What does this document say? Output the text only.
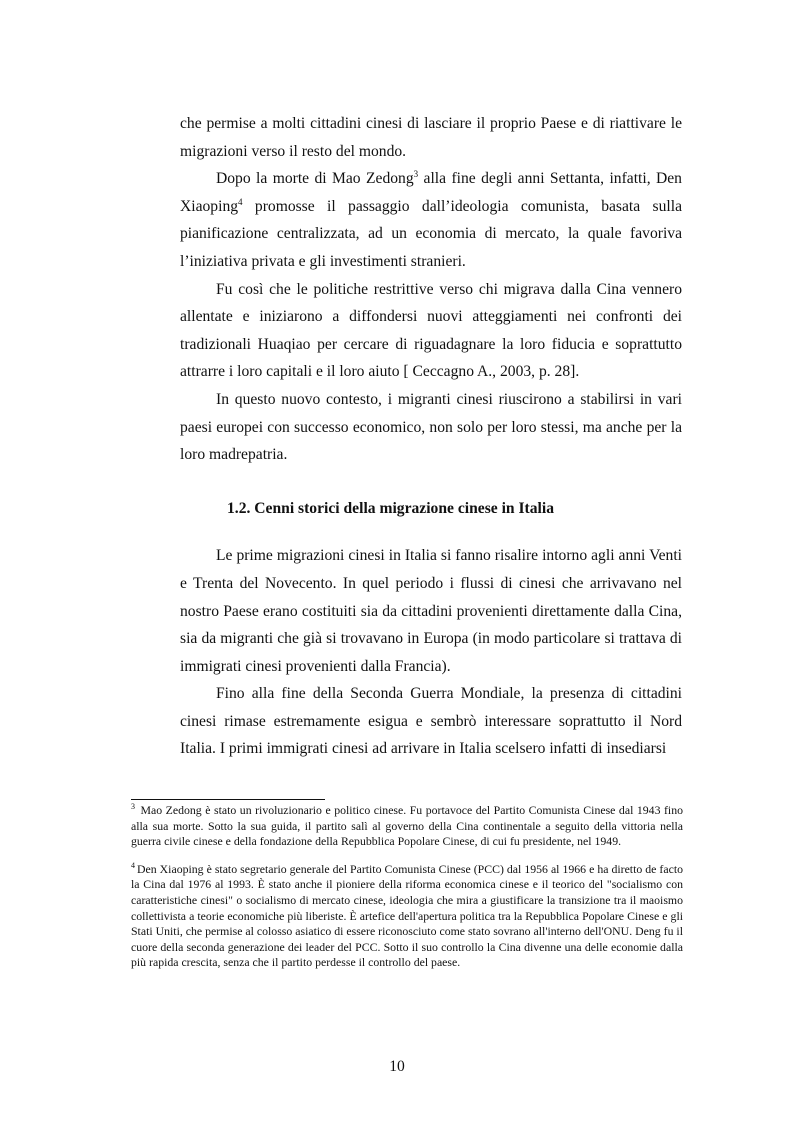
che permise a molti cittadini cinesi di lasciare il proprio Paese e di riattivare le migrazioni verso il resto del mondo.

Dopo la morte di Mao Zedong$^3$ alla fine degli anni Settanta, infatti, Den Xiaoping$^4$ promosse il passaggio dall’ideologia comunista, basata sulla pianificazione centralizzata, ad un economia di mercato, la quale favoriva l’iniziativa privata e gli investimenti stranieri.

Fu così che le politiche restrittive verso chi migrava dalla Cina vennero allentate e iniziarono a diffondersi nuovi atteggiamenti nei confronti dei tradizionali Huaqiao per cercare di riguadagnare la loro fiducia e soprattutto attrarre i loro capitali e il loro aiuto [ Ceccagno A., 2003, p. 28].

In questo nuovo contesto, i migranti cinesi riuscirono a stabilirsi in vari paesi europei con successo economico, non solo per loro stessi, ma anche per la loro madrepatria.

1.2. Cenni storici della migrazione cinese in Italia

Le prime migrazioni cinesi in Italia si fanno risalire intorno agli anni Venti e Trenta del Novecento. In quel periodo i flussi di cinesi che arrivavano nel nostro Paese erano costituiti sia da cittadini provenienti direttamente dalla Cina, sia da migranti che già si trovavano in Europa (in modo particolare si trattava di immigrati cinesi provenienti dalla Francia).

Fino alla fine della Seconda Guerra Mondiale, la presenza di cittadini cinesi rimase estremamente esigua e sembrò interessare soprattutto il Nord Italia. I primi immigrati cinesi ad arrivare in Italia scelsero infatti di insediarsi

$^3$ Mao Zedong è stato un rivoluzionario e politico cinese. Fu portavoce del Partito Comunista Cinese dal 1943 fino alla sua morte. Sotto la sua guida, il partito salì al governo della Cina continentale a seguito della vittoria nella guerra civile cinese e della fondazione della Repubblica Popolare Cinese, di cui fu presidente, nel 1949.

$^4$ Den Xiaoping è stato segretario generale del Partito Comunista Cinese (PCC) dal 1956 al 1966 e ha diretto de facto la Cina dal 1976 al 1993. È stato anche il pioniere della riforma economica cinese e il teorico del "socialismo con caratteristiche cinesi" o socialismo di mercato cinese, ideologia che mira a giustificare la transizione tra il maoismo collettivista a teorie economiche più liberiste. È artefice dell'apertura politica tra la Repubblica Popolare Cinese e gli Stati Uniti, che permise al colosso asiatico di essere riconosciuto come stato sovrano all'interno dell'ONU. Deng fu il cuore della seconda generazione dei leader del PCC. Sotto il suo controllo la Cina divenne una delle economie dalla più rapida crescita, senza che il partito perdesse il controllo del paese.

10
